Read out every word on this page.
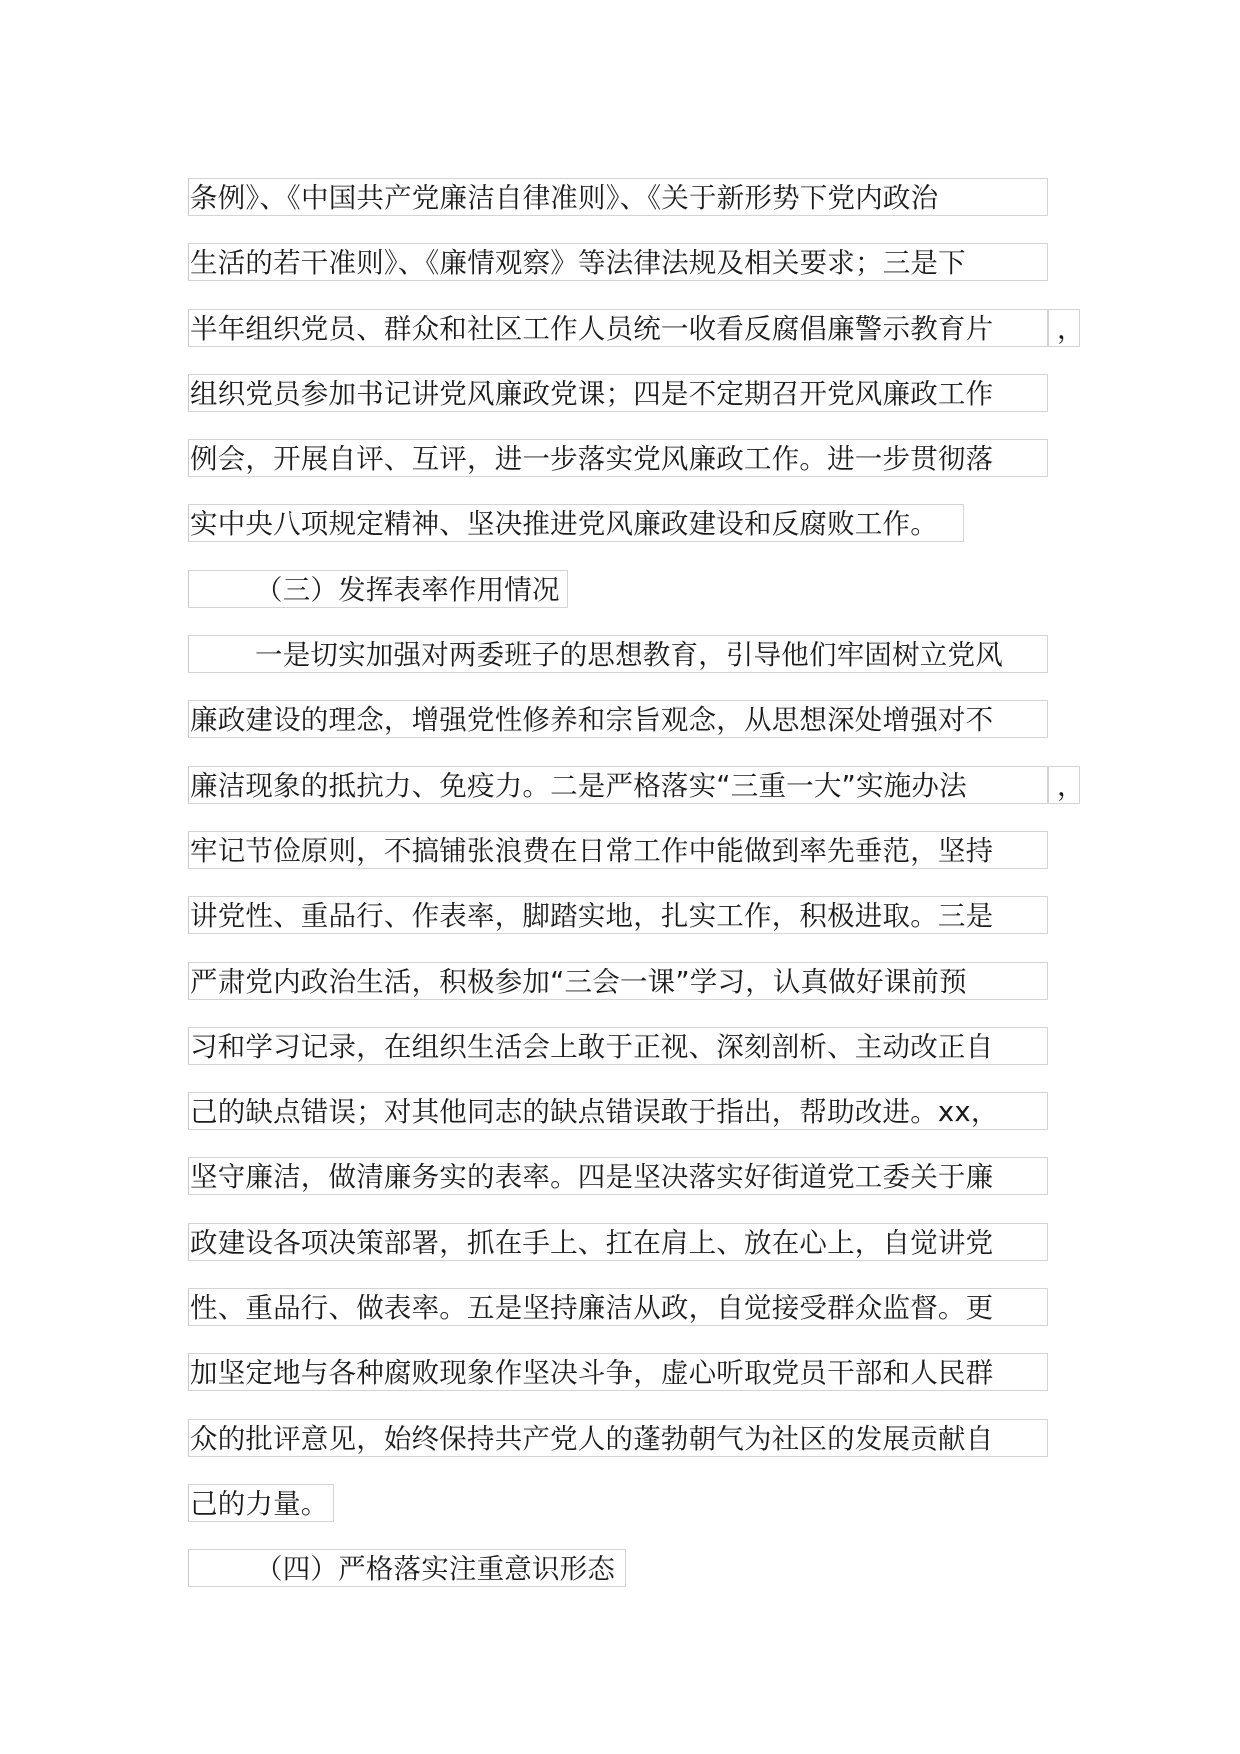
条例》、《中国共产党廉洁自律准则》、《关于新形势下党内政治
生活的若干准则》、《廉情观察》等法律法规及相关要求；三是下
半年组织党员、群众和社区工作人员统一收看反腐倡廉警示教育片	，
组织党员参加书记讲党风廉政党课；四是不定期召开党风廉政工作
例会，开展自评、互评，进一步落实党风廉政工作。进一步贯彻落
实中央八项规定精神、坚决推进党风廉政建设和反腐败工作。
（三）发挥表率作用情况
一是切实加强对两委班子的思想教育，引导他们牢固树立党风
廉政建设的理念，增强党性修养和宗旨观念，从思想深处增强对不
廉洁现象的抵抗力、免疫力。二是严格落实“三重一大”实施办法	，
牢记节俭原则，不搞铺张浪费在日常工作中能做到率先垂范，坚持
讲党性、重品行、作表率，脚踏实地，扎实工作，积极进取。三是
严肃党内政治生活，积极参加“三会一课”学习，认真做好课前预
习和学习记录，在组织生活会上敢于正视、深刻剖析、主动改正自
己的缺点错误；对其他同志的缺点错误敢于指出，帮助改进。xx，
坚守廉洁，做清廉务实的表率。四是坚决落实好街道党工委关于廉
政建设各项决策部署，抓在手上、扛在肩上、放在心上，自觉讲党
性、重品行、做表率。五是坚持廉洁从政，自觉接受群众监督。更
加坚定地与各种腐败现象作坚决斗争，虚心听取党员干部和人民群
众的批评意见，始终保持共产党人的蓬勃朝气为社区的发展贡献自
己的力量。
（四）严格落实注重意识形态
